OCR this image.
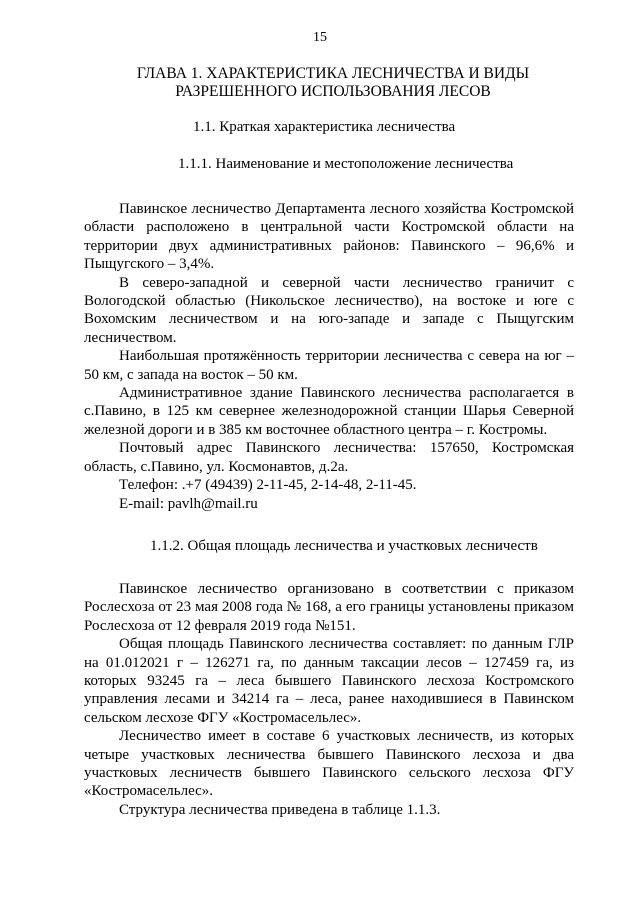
15
ГЛАВА 1. ХАРАКТЕРИСТИКА ЛЕСНИЧЕСТВА И ВИДЫ РАЗРЕШЕННОГО ИСПОЛЬЗОВАНИЯ ЛЕСОВ
1.1. Краткая характеристика лесничества
1.1.1. Наименование и местоположение лесничества

Павинское лесничество Департамента лесного хозяйства Костромской области расположено в центральной части Костромской области на территории двух административных районов: Павинского – 96,6% и Пыщугского – 3,4%.

В северо-западной и северной части лесничество граничит с Вологодской областью (Никольское лесничество), на востоке и юге с Вохомским лесничеством и на юго-западе и западе с Пыщугским лесничеством.

Наибольшая протяжённость территории лесничества с севера на юг – 50 км, с запада на восток – 50 км.

Административное здание Павинского лесничества располагается в с.Павино, в 125 км севернее железнодорожной станции Шарья Северной железной дороги и в 385 км восточнее областного центра – г. Костромы.

Почтовый адрес Павинского лесничества: 157650, Костромская область, с.Павино, ул. Космонавтов, д.2а.

Телефон: .+7 (49439) 2-11-45, 2-14-48, 2-11-45.

E-mail: pavlh@mail.ru

1.1.2. Общая площадь лесничества и участковых лесничеств

Павинское лесничество организовано в соответствии с приказом Рослесхоза от 23 мая 2008 года № 168, а его границы установлены приказом Рослесхоза от 12 февраля 2019 года №151.

Общая площадь Павинского лесничества составляет: по данным ГЛР на 01.012021 г – 126271 га, по данным таксации лесов – 127459 га, из которых 93245 га – леса бывшего Павинского лесхоза Костромского управления лесами и 34214 га – леса, ранее находившиеся в Павинском сельском лесхозе ФГУ «Костромасельлес».

Лесничество имеет в составе 6 участковых лесничеств, из которых четыре участковых лесничества бывшего Павинского лесхоза и два участковых лесничеств бывшего Павинского сельского лесхоза ФГУ «Костромасельлес».

Структура лесничества приведена в таблице 1.1.3.
